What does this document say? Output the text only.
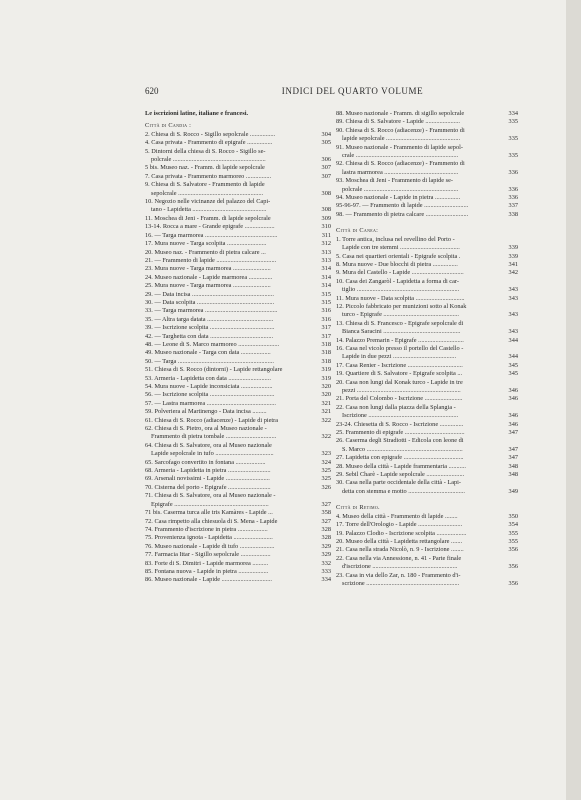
620	INDICI DEL QUARTO VOLUME
Le iscrizioni latine, italiane e francesi.
Città di Candia :
2. Chiesa di S. Rocco - Sigillo sepolcrale ................	304
4. Casa privata - Frammento di epigrafe ................	305
5. Dintorni della chiesa di S. Rocco - Sigillo se-
polcrale ...........................................................	306
5 bis. Museo naz. - Framm. di lapide sepolcrale	307
7. Casa privata - Frammento marmoreo ................	307
9. Chiesa di S. Salvatore - Frammento di lapide
sepolcrale ......................................................	308
10. Negozio nelle vicinanze del palazzo del Capi-
tano - Lapidetta ...............................................	308
11. Moschea di Jeni - Framm. di lapide sepolcrale	309
13-14. Rocca a mare - Grande epigrafe ...................	310
16. — Targa marmorea ..............................................	311
17. Mura nuove - Targa scolpita .........................	312
20. Museo naz. - Frammento di pietra calcare ...	313
21. — Frammento di lapide ......................................	313
23. Mura nuove - Targa marmorea ........................	314
24. Museo nazionale - Lapide marmorea ...............	314
25. Mura nuove - Targa marmorea ........................	314
29. — Data incisa ....................................................	315
30. — Data scolpita .................................................	315
33. — Targa marmorea ..............................................	316
35. — Altra targa datata ..........................................	316
39. — Iscrizione scolpita .........................................	317
42. — Targhetta con data ........................................	317
48. — Leone di S. Marco marmoreo ..........................	318
49. Museo nazionale - Targa con data ...................	318
50. — Targa .............................................................	318
51. Chiesa di S. Rocco (dintorni) - Lapide rettangolare	319
53. Armeria - Lapidetta con data ...........................	319
54. Mura nuove - Lapide inconsiciata ....................	320
56. — Iscrizione scolpita .........................................	320
57. — Lastra marmorea ............................................	321
59. Polveriera al Martinengo - Data incisa .........	321
61. Chiesa di S. Rocco (adiacenze) - Lapide di pietra	322
62. Chiesa di S. Pietro, ora al Museo nazionale -
Frammento di pietra tombale ................................	322
64. Chiesa di S. Salvatore, ora al Museo nazionale
Lapide sepolcrale in tufo .....................................	323
65. Sarcofago convertito in fontana ...................	324
68. Armeria - Lapidetta in pietra ...........................	325
69. Arsenali novissimi - Lapide ............................	325
70. Cisterna del porto - Epigrafe ...........................	326
71. Chiesa di S. Salvatore, ora al Museo nazionale -
Epigrafe ............................................................	327
71 bis. Caserma turca alle tris Kamàres - Lapide ...	358
72. Casa rimpetto alla chiesuola di S. Mena - Lapide	327
74. Frammento d'iscrizione in pietra ...................	328
75. Provenienza ignota - Lapidetta .........................	328
76. Museo nazionale - Lapide di tufo ......................	329
77. Farmacia Ittar - Sigillo sepolcrale ...................	329
83. Forte di S. Dimitri - Lapide marmorea ..........	332
85. Fontana nuova - Lapide in pietra ...................	333
86. Museo nazionale - Lapide ................................	334
88. Museo nazionale - Framm. di sigillo sepolcrale	334
89. Chiesa di S. Salvatore - Lapide ......................	335
90. Chiesa di S. Rocco (adiacenze) - Frammento di
lapide sepolcrale ...............................................	335
91. Museo nazionale - Frammento di lapide sepol-
crale .................................................................	335
92. Chiesa di S. Rocco (adiacenze) - Frammento di
lastra marmorea ...............................................	336
93. Moschea di Jeni - Frammento di lapide se-
polcrale ............................................................	336
94. Museo nazionale - Lapide in pietra ................	336
95-96-97. — Frammento di lapide ............................	337
98. — Frammento di pietra calcare ...........................	338
Città di Canea:
1. Torre antica, inclusa nel revellino del Porto -
Lapide con tre stemmi ......................................	339
5. Casa nei quartieri orientali - Epigrafe scolpita .	339
8. Mura nuove - Due blocchi di pietra ................	341
9. Mura del Castello - Lapide .................................	342
10. Casa dei Zangaròl - Lapidetta a forma di car-
tiglio .................................................................	343
11. Mura nuove - Data scolpita ...............................	343
12. Piccolo fabbricato per munizioni sotto al Konak
turco - Epigrafe ................................................	343
13. Chiesa di S. Francesco - Epigrafe sepolcrale di
Bianca Saracini .................................................	343
14. Palazzo Premarin - Epigrafe .............................	344
16. Casa nel vicolo presso il portello del Castello -
Lapide in due pezzi ........................................	344
17. Casa Renier - Iscrizione ...................................	345
19. Quartiere di S. Salvatore - Epigrafe scolpita ...	345
20. Casa non lungi dal Konak turco - Lapide in tre
pezzi ..................................................................	346
21. Porta del Colombo - Iscrizione ........................	346
22. Casa non lungi dalla piazza della Splangia -
Iscrizione .........................................................	346
23-24. Chiesetta di S. Rocco - Iscrizione ...............	346
25. Frammento di epigrafe ......................................	347
26. Caserma degli Stradiotti - Edicola con leone di
S. Marco .............................................................	347
27. Lapidetta con epigrafe ......................................	347
28. Museo della città - Lapide frammentaria ...........	348
29. Sebil Charè - Lapide sepolcrale ........................	348
30. Casa nella parte occidentale della città - Lapi-
detta con stemma e motto ....................................	349
Città di Retimo.
4. Museo della città - Frammento di lapide ........	350
17. Torre dell'Orologio - Lapide ............................	354
19. Palazzo Clodio - Iscrizione scolpita ...................	355
20. Museo della città - Lapidetta rettangolare .......	355
21. Casa nella strada Nicolò, n. 9 - Iscrizione ........	356
22. Casa nella via Annessione, n. 41 - Parte finale
d'iscrizione ......................................................	356
23. Casa in via dello Zar, n. 180 - Frammento d'i-
scrizione ...........................................................	356
